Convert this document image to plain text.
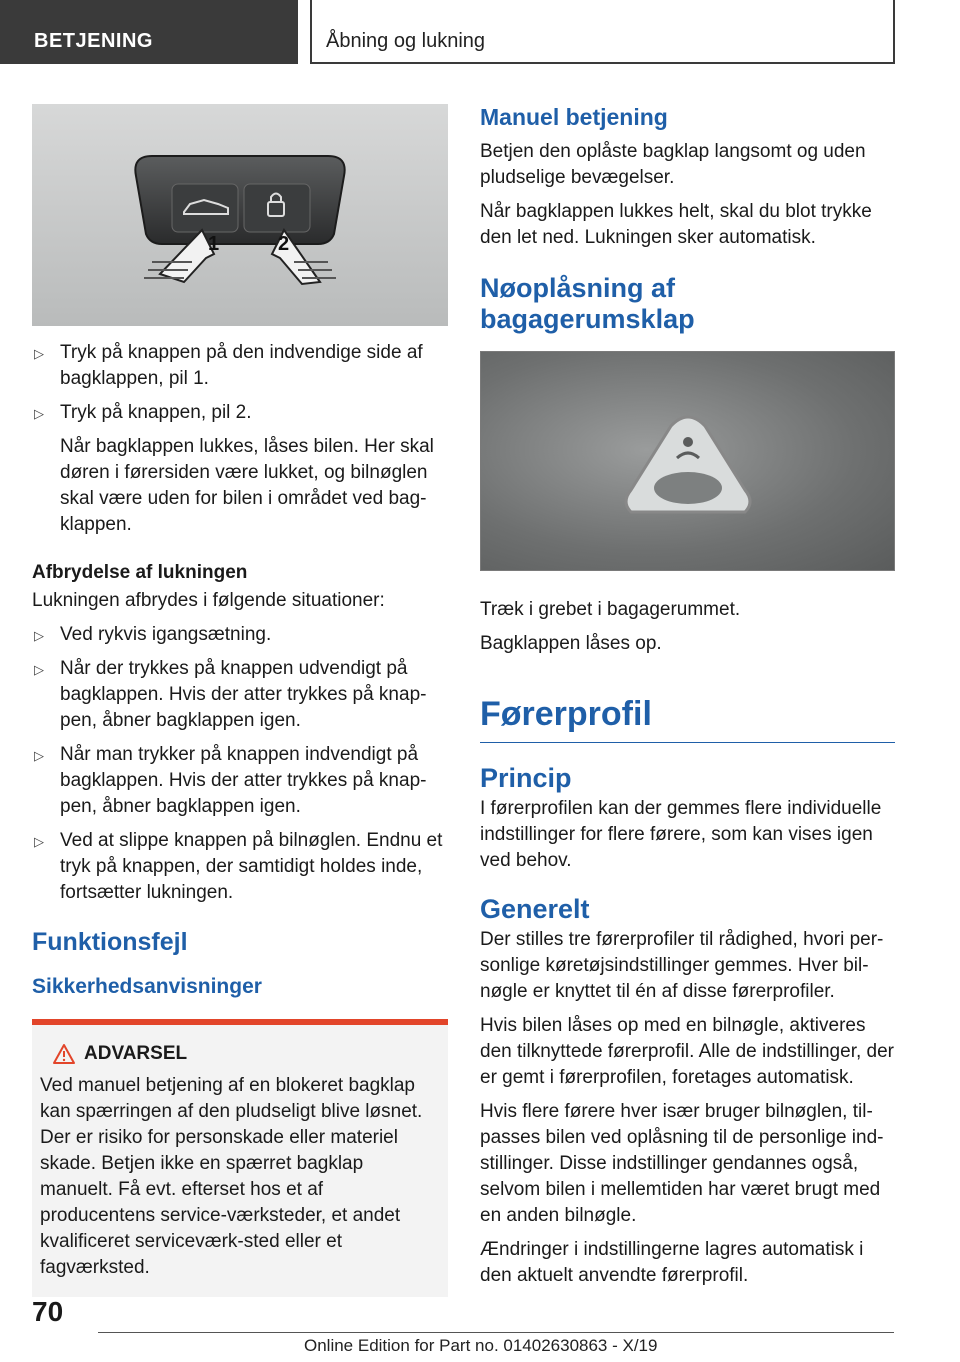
BETJENING	Åbning og lukning
1	2
▷ Tryk på knappen på den indvendige side af bagklappen, pil 1.
▷ Tryk på knappen, pil 2.
Når bagklappen lukkes, låses bilen. Her skal døren i førersiden være lukket, og bilnøglen skal være uden for bilen i området ved bag-klappen.
Afbrydelse af lukningen

Lukningen afbrydes i følgende situationer:

▷ Ved rykvis igangsætning.
▷ Når der trykkes på knappen udvendigt på bagklappen. Hvis der atter trykkes på knap-pen, åbner bagklappen igen.
▷ Når man trykker på knappen indvendigt på bagklappen. Hvis der atter trykkes på knap-pen, åbner bagklappen igen.
▷ Ved at slippe knappen på bilnøglen. Endnu et tryk på knappen, der samtidigt holdes inde, fortsætter lukningen.
Funktionsfejl
Sikkerhedsanvisninger
ADVARSEL

Ved manuel betjening af en blokeret bagklap kan spærringen af den pludseligt blive løsnet. Der er risiko for personskade eller materiel skade. Betjen ikke en spærret bagklap manuelt. Få evt. efterset hos et af producentens service-værksteder, et andet kvalificeret serviceværk-sted eller et fagværksted.

Manuel betjening

Betjen den oplåste bagklap langsomt og uden pludselige bevægelser.

Når bagklappen lukkes helt, skal du blot trykke den let ned. Lukningen sker automatisk.

Nøoplåsning af bagagerumsklap

Træk i grebet i bagagerummet.

Bagklappen låses op.

Førerprofil
Princip

I førerprofilen kan der gemmes flere individuelle indstillinger for flere førere, som kan vises igen ved behov.

Generelt

Der stilles tre førerprofiler til rådighed, hvori per-sonlige køretøjsindstillinger gemmes. Hver bil-nøgle er knyttet til én af disse førerprofiler.

Hvis bilen låses op med en bilnøgle, aktiveres den tilknyttede førerprofil. Alle de indstillinger, der er gemt i førerprofilen, foretages automatisk.

Hvis flere førere hver især bruger bilnøglen, til-passes bilen ved oplåsning til de personlige ind-stillinger. Disse indstillinger gendannes også, selvom bilen i mellemtiden har været brugt med en anden bilnøgle.

Ændringer i indstillingerne lagres automatisk i den aktuelt anvendte førerprofil.

70
Online Edition for Part no. 01402630863 - X/19
